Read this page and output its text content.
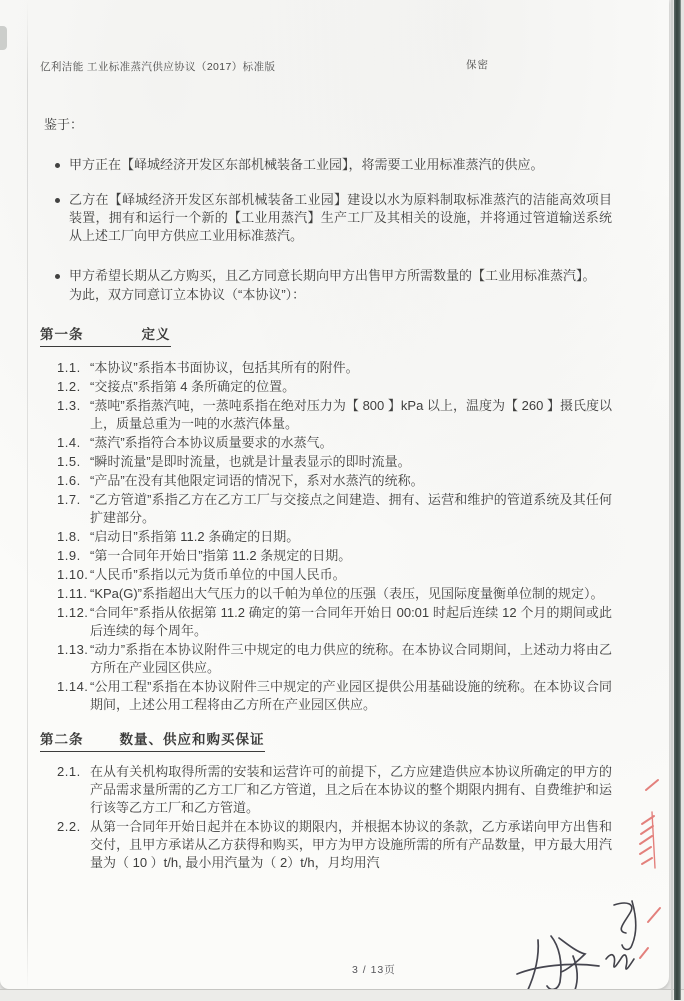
亿利洁能 工业标准蒸汽供应协议（2017）标准版	保密
鉴于：
甲方正在【峄城经济开发区东部机械装备工业园】，将需要工业用标准蒸汽的供应。
乙方在【峄城经济开发区东部机械装备工业园】建设以水为原料制取标准蒸汽的洁能高效项目装置，拥有和运行一个新的【工业用蒸汽】生产工厂及其相关的设施，并将通过管道输送系统从上述工厂向甲方供应工业用标准蒸汽。
甲方希望长期从乙方购买，且乙方同意长期向甲方出售甲方所需数量的【工业用标准蒸汽】。
为此，双方同意订立本协议（“本协议”）：
第一条	定义
1.1. “本协议”系指本书面协议，包括其所有的附件。
1.2. “交接点”系指第 4 条所确定的位置。
1.3. “蒸吨”系指蒸汽吨，一蒸吨系指在绝对压力为【 800 】kPa 以上，温度为【 260 】摄氏度以上，质量总重为一吨的水蒸汽体量。
1.4. “蒸汽”系指符合本协议质量要求的水蒸气。
1.5. “瞬时流量”是即时流量，也就是计量表显示的即时流量。
1.6. “产品”在没有其他限定词语的情况下，系对水蒸汽的统称。
1.7. “乙方管道”系指乙方在乙方工厂与交接点之间建造、拥有、运营和维护的管道系统及其任何扩建部分。
1.8. “启动日”系指第 11.2 条确定的日期。
1.9. “第一合同年开始日”指第 11.2 条规定的日期。
1.10. “人民币”系指以元为货币单位的中国人民币。
1.11. “KPa(G)”系指超出大气压力的以千帕为单位的压强（表压，见国际度量衡单位制的规定）。
1.12. “合同年”系指从依据第 11.2 确定的第一合同年开始日 00:01 时起后连续 12 个月的期间或此后连续的每个周年。
1.13. “动力”系指在本协议附件三中规定的电力供应的统称。在本协议合同期间，上述动力将由乙方所在产业园区供应。
1.14. “公用工程”系指在本协议附件三中规定的产业园区提供公用基础设施的统称。在本协议合同期间，上述公用工程将由乙方所在产业园区供应。
第二条	数量、供应和购买保证
2.1. 在从有关机构取得所需的安装和运营许可的前提下，乙方应建造供应本协议所确定的甲方的产品需求量所需的乙方工厂和乙方管道，且之后在本协议的整个期限内拥有、自费维护和运行该等乙方工厂和乙方管道。
2.2. 从第一合同年开始日起并在本协议的期限内，并根据本协议的条款，乙方承诺向甲方出售和交付，且甲方承诺从乙方获得和购买，甲方为甲方设施所需的所有产品数量，甲方最大用汽量为（ 10 ）t/h, 最小用汽量为（ 2）t/h，月均用汽
3 / 13页
